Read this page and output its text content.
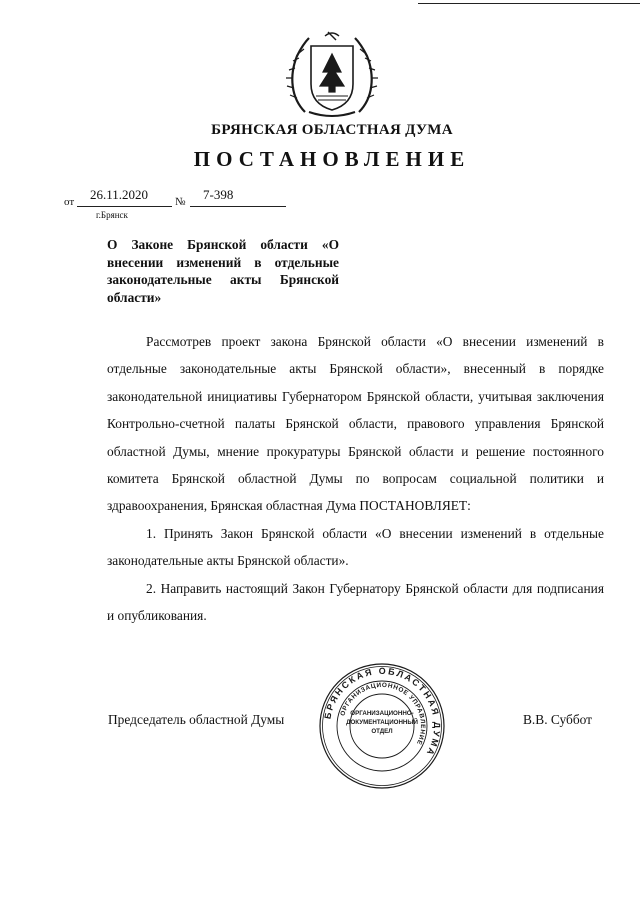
БРЯНСКАЯ ОБЛАСТНАЯ ДУМА
ПОСТАНОВЛЕНИЕ
от 26.11.2020 № 7-398
г.Брянск
О Законе Брянской области «О внесении изменений в отдельные законодательные акты Брянской области»

Рассмотрев проект закона Брянской области «О внесении изменений в отдельные законодательные акты Брянской области», внесенный в порядке законодательной инициативы Губернатором Брянской области, учитывая заключения Контрольно-счетной палаты Брянской области, правового управления Брянской областной Думы, мнение прокуратуры Брянской области и решение постоянного комитета Брянской областной Думы по вопросам социальной политики и здравоохранения, Брянская областная Дума ПОСТАНОВЛЯЕТ:

1. Принять Закон Брянской области «О внесении изменений в отдельные законодательные акты Брянской области».

2. Направить настоящий Закон Губернатору Брянской области для подписания и опубликования.

Председатель областной Думы	В.В. Суббот
БРЯНСКАЯ ОБЛАСТНАЯ ДУМА
ОРГАНИЗАЦИОННОЕ УПРАВЛЕНИЕ
ОРГАНИЗАЦИОННО-
ДОКУМЕНТАЦИОННЫЙ
ОТДЕЛ
